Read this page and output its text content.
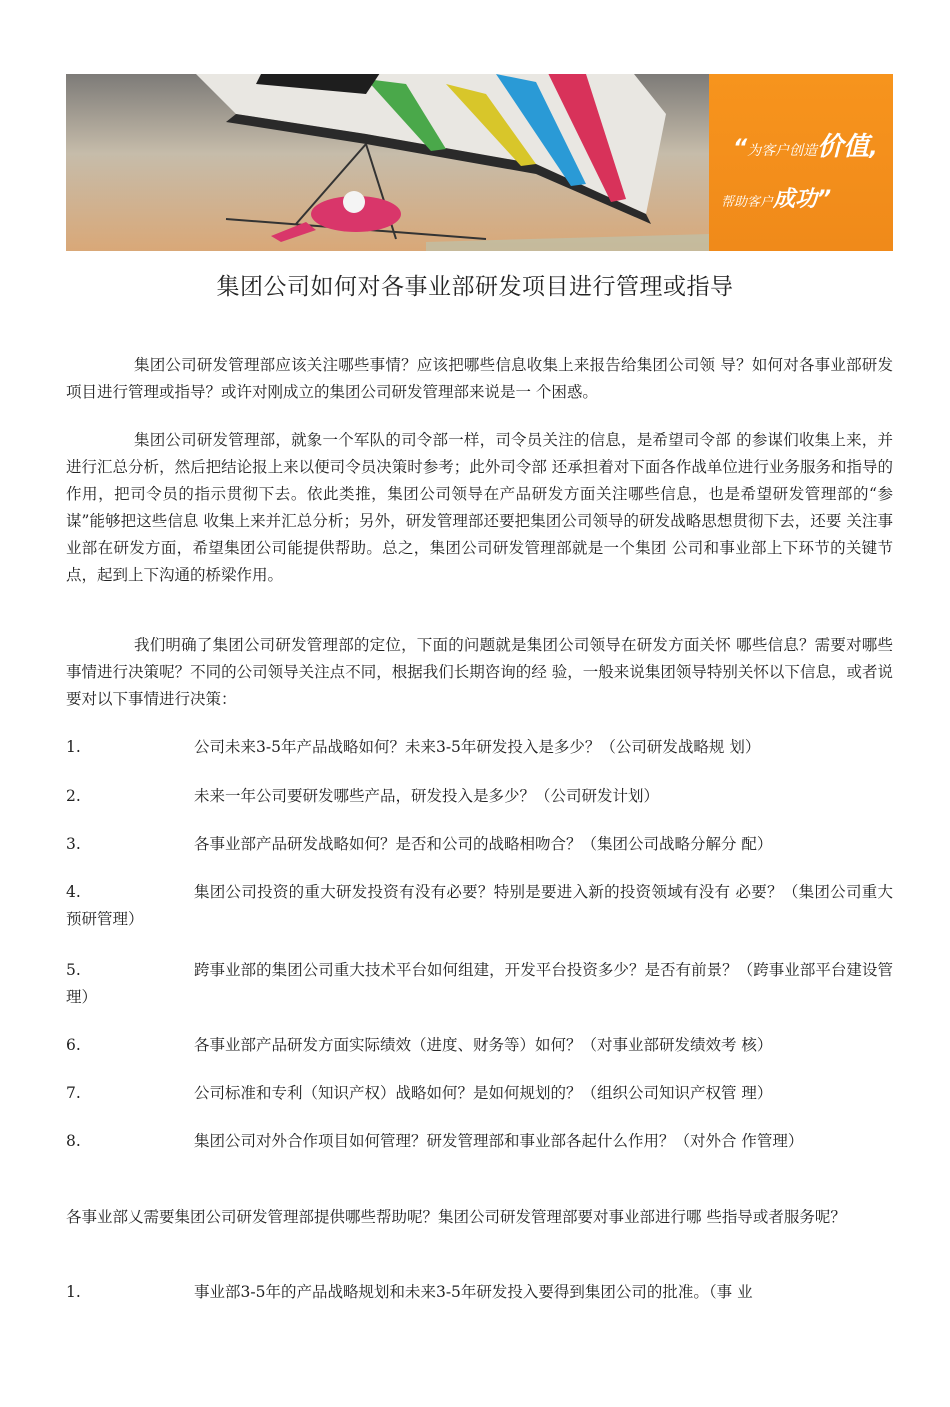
“为客户创造价值,
帮助客户成功”
集团公司如何对各事业部研发项目进行管理或指导
集团公司研发管理部应该关注哪些事情？应该把哪些信息收集上来报告给集团公司领 导？如何对各事业部研发项目进行管理或指导？或许对刚成立的集团公司研发管理部来说是一 个困惑。
集团公司研发管理部，就象一个军队的司令部一样，司令员关注的信息，是希望司令部 的参谋们收集上来，并进行汇总分析，然后把结论报上来以便司令员决策时参考；此外司令部 还承担着对下面各作战单位进行业务服务和指导的作用，把司令员的指示贯彻下去。依此类推，集团公司领导在产品研发方面关注哪些信息，也是希望研发管理部的“参谋”能够把这些信息 收集上来并汇总分析；另外，研发管理部还要把集团公司领导的研发战略思想贯彻下去，还要 关注事业部在研发方面，希望集团公司能提供帮助。总之，集团公司研发管理部就是一个集团 公司和事业部上下环节的关键节点，起到上下沟通的桥梁作用。
我们明确了集团公司研发管理部的定位，下面的问题就是集团公司领导在研发方面关怀 哪些信息？需要对哪些事情进行决策呢？不同的公司领导关注点不同，根据我们长期咨询的经 验，一般来说集团领导特别关怀以下信息，或者说要对以下事情进行决策：
1.	公司未来3-5年产品战略如何？未来3-5年研发投入是多少？（公司研发战略规 划）
2.	未来一年公司要研发哪些产品，研发投入是多少？（公司研发计划）
3.	各事业部产品研发战略如何？是否和公司的战略相吻合？（集团公司战略分解分 配）
4.	集团公司投资的重大研发投资有没有必要？特别是要进入新的投资领域有没有 必要？（集团公司重大预研管理）
5.	跨事业部的集团公司重大技术平台如何组建，开发平台投资多少？是否有前景？（跨事业部平台建设管理）
6.	各事业部产品研发方面实际绩效（进度、财务等）如何？（对事业部研发绩效考 核）
7.	公司标准和专利（知识产权）战略如何？是如何规划的？（组织公司知识产权管 理）
8.	集团公司对外合作项目如何管理？研发管理部和事业部各起什么作用？（对外合 作管理）
各事业部乂需要集团公司研发管理部提供哪些帮助呢？集团公司研发管理部要对事业部进行哪 些指导或者服务呢？
1.	事业部3-5年的产品战略规划和未来3-5年研发投入要得到集团公司的批准。（事 业
